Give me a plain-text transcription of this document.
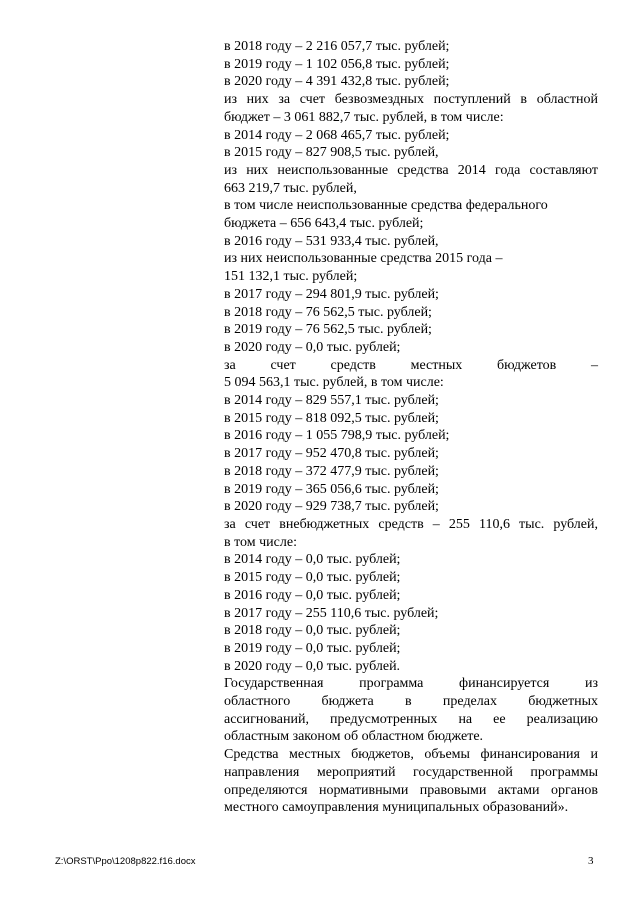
в 2018 году – 2 216 057,7 тыс. рублей;
в 2019 году – 1 102 056,8 тыс. рублей;
в 2020 году – 4 391 432,8 тыс. рублей;
из них за счет безвозмездных поступлений в областной
бюджет – 3 061 882,7 тыс. рублей, в том числе:
в 2014 году – 2 068 465,7 тыс. рублей;
в 2015 году – 827 908,5 тыс. рублей,
из них неиспользованные средства 2014 года составляют
663 219,7 тыс. рублей,
в том числе неиспользованные средства федерального
бюджета – 656 643,4 тыс. рублей;
в 2016 году – 531 933,4 тыс. рублей,
из них неиспользованные средства 2015 года –
151 132,1 тыс. рублей;
в 2017 году – 294 801,9 тыс. рублей;
в 2018 году – 76 562,5 тыс. рублей;
в 2019 году – 76 562,5 тыс. рублей;
в 2020 году – 0,0 тыс. рублей;
за счет средств местных бюджетов –
5 094 563,1 тыс. рублей, в том числе:
в 2014 году – 829 557,1 тыс. рублей;
в 2015 году – 818 092,5 тыс. рублей;
в 2016 году – 1 055 798,9 тыс. рублей;
в 2017 году – 952 470,8 тыс. рублей;
в 2018 году – 372 477,9 тыс. рублей;
в 2019 году – 365 056,6 тыс. рублей;
в 2020 году – 929 738,7 тыс. рублей;
за счет внебюджетных средств – 255 110,6 тыс. рублей,
в том числе:
в 2014 году – 0,0 тыс. рублей;
в 2015 году – 0,0 тыс. рублей;
в 2016 году – 0,0 тыс. рублей;
в 2017 году – 255 110,6 тыс. рублей;
в 2018 году – 0,0 тыс. рублей;
в 2019 году – 0,0 тыс. рублей;
в 2020 году – 0,0 тыс. рублей.
Государственная программа финансируется из
областного бюджета в пределах бюджетных
ассигнований, предусмотренных на ее реализацию
областным законом об областном бюджете.
Средства местных бюджетов, объемы финансирования и
направления мероприятий государственной программы
определяются нормативными правовыми актами органов
местного самоуправления муниципальных образований».
Z:\ORST\Ppo\1208p822.f16.docx	3
